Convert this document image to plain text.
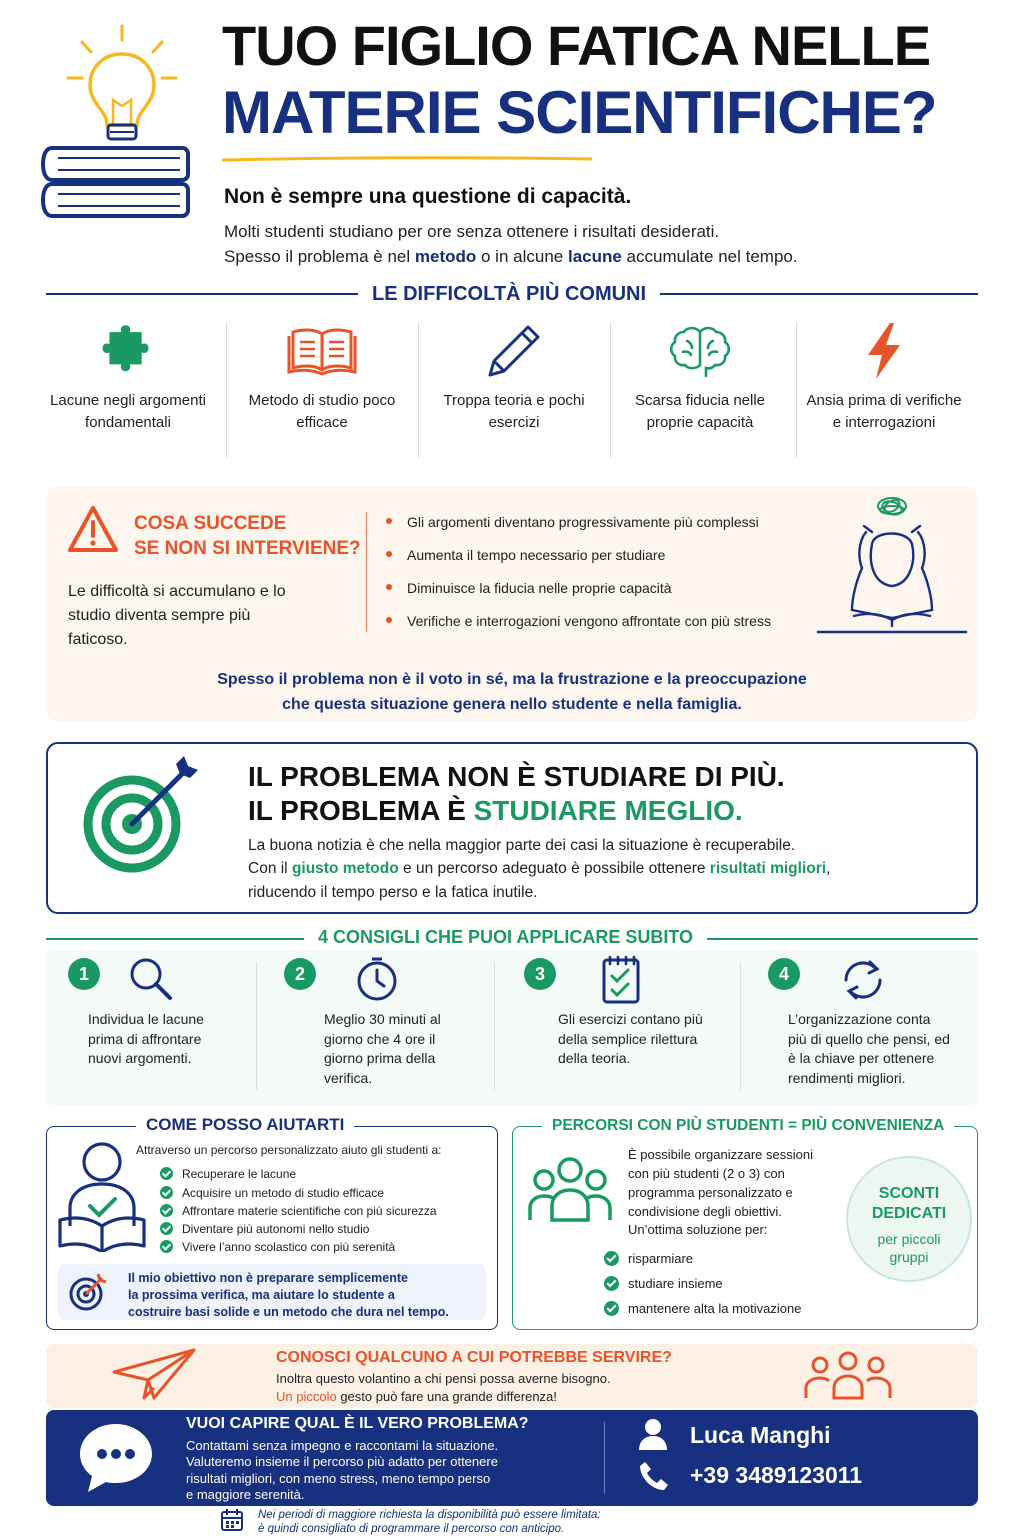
TUO FIGLIO FATICA NELLE
MATERIE SCIENTIFICHE?
Non è sempre una questione di capacità.
Molti studenti studiano per ore senza ottenere i risultati desiderati.
Spesso il problema è nel metodo o in alcune lacune accumulate nel tempo.
LE DIFFICOLTÀ PIÙ COMUNI
Lacune negli argomenti fondamentali
Metodo di studio poco efficace
Troppa teoria e pochi esercizi
Scarsa fiducia nelle proprie capacità
Ansia prima di verifiche e interrogazioni
COSA SUCCEDE
SE NON SI INTERVIENE?
Le difficoltà si accumulano e lo studio diventa sempre più faticoso.
Gli argomenti diventano progressivamente più complessi
Aumenta il tempo necessario per studiare
Diminuisce la fiducia nelle proprie capacità
Verifiche e interrogazioni vengono affrontate con più stress
Spesso il problema non è il voto in sé, ma la frustrazione e la preoccupazione
che questa situazione genera nello studente e nella famiglia.
IL PROBLEMA NON È STUDIARE DI PIÙ.
IL PROBLEMA È STUDIARE MEGLIO.
La buona notizia è che nella maggior parte dei casi la situazione è recuperabile.
Con il giusto metodo e un percorso adeguato è possibile ottenere risultati migliori,
riducendo il tempo perso e la fatica inutile.
4 CONSIGLI CHE PUOI APPLICARE SUBITO
1
Individua le lacune prima di affrontare nuovi argomenti.
2
Meglio 30 minuti al giorno che 4 ore il giorno prima della verifica.
3
Gli esercizi contano più della semplice rilettura della teoria.
4
L’organizzazione conta più di quello che pensi, ed è la chiave per ottenere rendimenti migliori.
COME POSSO AIUTARTI
Attraverso un percorso personalizzato aiuto gli studenti a:
Recuperare le lacune
Acquisire un metodo di studio efficace
Affrontare materie scientifiche con più sicurezza
Diventare più autonomi nello studio
Vivere l’anno scolastico con più serenità
Il mio obiettivo non è preparare semplicemente
la prossima verifica, ma aiutare lo studente a
costruire basi solide e un metodo che dura nel tempo.
PERCORSI CON PIÙ STUDENTI = PIÙ CONVENIENZA
È possibile organizzare sessioni
con più studenti (2 o 3) con
programma personalizzato e
condivisione degli obiettivi.
Un’ottima soluzione per:
risparmiare
studiare insieme
mantenere alta la motivazione
SCONTI
DEDICATI
per piccoli
gruppi
CONOSCI QUALCUNO A CUI POTREBBE SERVIRE?
Inoltra questo volantino a chi pensi possa averne bisogno.
Un piccolo gesto può fare una grande differenza!
VUOI CAPIRE QUAL È IL VERO PROBLEMA?
Contattami senza impegno e raccontami la situazione.
Valuteremo insieme il percorso più adatto per ottenere
risultati migliori, con meno stress, meno tempo perso
e maggiore serenità.
Luca Manghi
+39 3489123011
Nei periodi di maggiore richiesta la disponibilità può essere limitata:
è quindi consigliato di programmare il percorso con anticipo.
